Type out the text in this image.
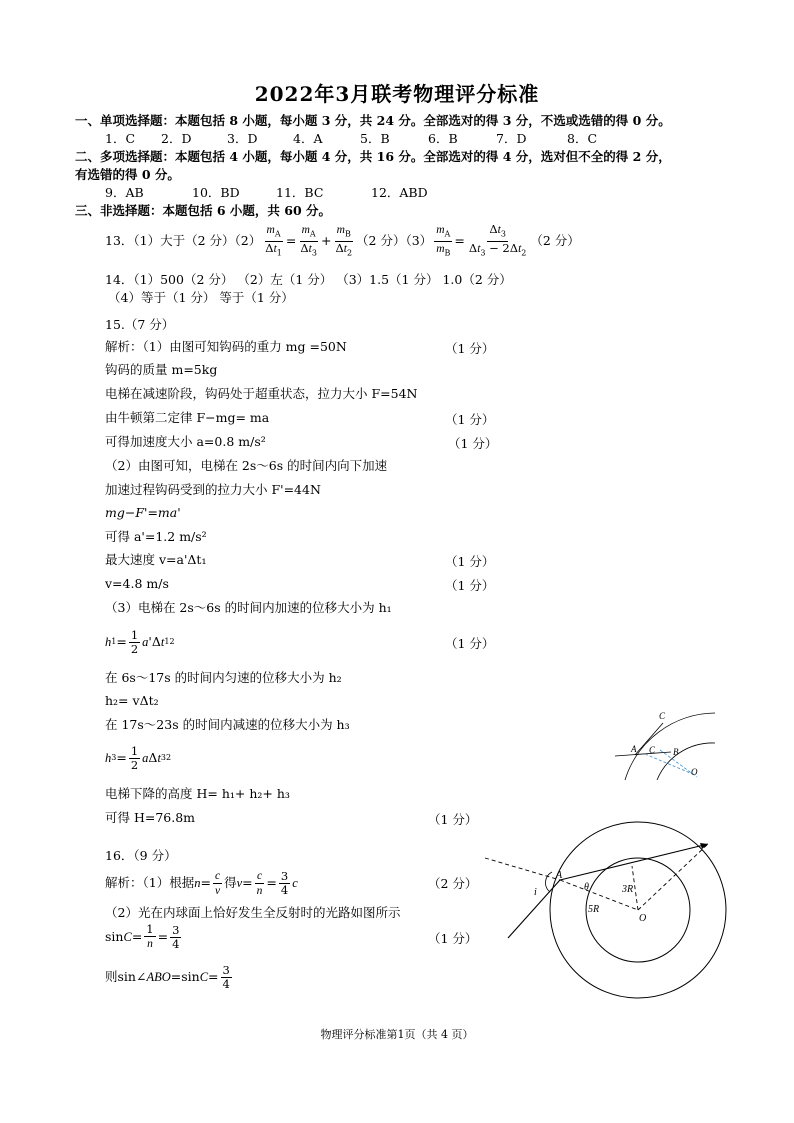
2022年3月联考物理评分标准
一、单项选择题：本题包括 8 小题，每小题 3 分，共 24 分。全部选对的得 3 分，不选或选错的得 0 分。
1．C 2．D	3．D	4．A	5．B	6．B	7．D	8．C
二、多项选择题：本题包括 4 小题，每小题 4 分，共 16 分。全部选对的得 4 分，选对但不全的得 2 分，
有选错的得 0 分。
9．AB	10．BD	11．BC	12．ABD
三、非选择题：本题包括 6 小题，共 60 分。
13．（1）大于（2 分）$(2) \frac{m_A}{\Delta t_1} = \frac{m_A}{\Delta t_3} + \frac{m_B}{\Delta t_2} (2$ 分）$(3) \frac{m_A}{m_B} = \frac{\Delta t_3}{\Delta t_3 - 2\Delta t_2} (2$ 分）
14．（1）500（2 分） （2）左（1 分） （3）1.5（1 分） 1.0（2 分）
（4）等于（1 分） 等于（1 分）
15.（7 分）
解析：（1）由图可知钩码的重力 mg =50N	（1 分）
钩码的质量 m=5kg
电梯在减速阶段，钩码处于超重状态，拉力大小 F=54N
由牛顿第二定律 F−mg= ma	（1 分）
可得加速度大小 a=0.8 m/s²	（1 分）
（2）由图可知，电梯在 2s～6s 的时间内向下加速
加速过程钩码受到的拉力大小 F'=44N
mg−F'=ma'
可得 a'=1.2 m/s²
最大速度 v=a'Δt₁	（1 分）
v=4.8 m/s	（1 分）
（3）电梯在 2s～6s 的时间内加速的位移大小为 h₁
h $1 = \frac{1}{2}$ a 'Δ t 1 2	（1 分）
在 6s～17s 的时间内匀速的位移大小为 h₂
h₂= vΔt₂
在 17s～23s 的时间内减速的位移大小为 h₃
h $3 = \frac{1}{2}$ a Δ t 3 2
电梯下降的高度 H= h₁+ h₂+ h₃
可得 H=76.8m	（1 分）
16．（9 分）
解析：（1）根据 $n = \frac{c}{v}$ 得 $v = \frac{c}{n} = \frac{3}{4}$ c	（2 分）
（2）光在内球面上恰好发生全反射时的光路如图所示
$\sin C = \frac{1}{n} = \frac{3}{4}$	（1 分）
则 sin∠ ABO =sin $C = \frac{3}{4}$
C
A C B
O
A
θ	3R
5R
O
i
物理评分标准第1页（共 4 页）
